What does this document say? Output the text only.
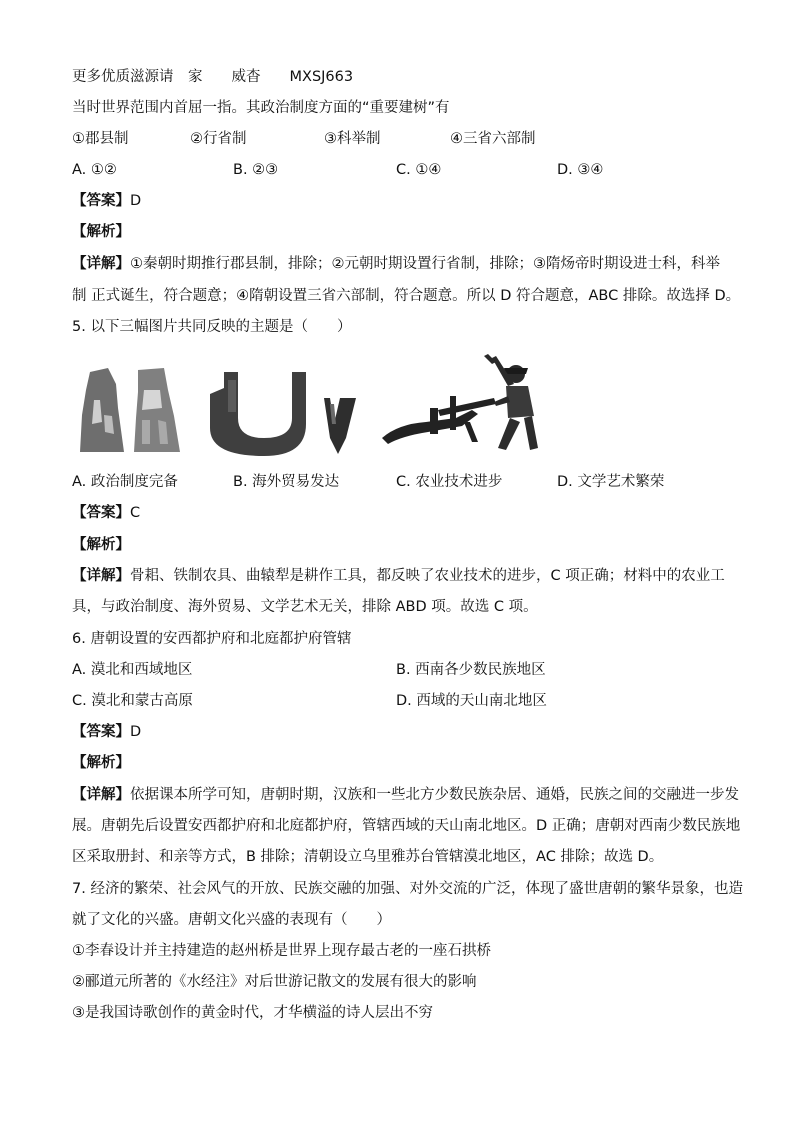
更多优质滋源请　家　　威杳　　MXSJ663
当时世界范围内首屈一指。其政治制度方面的“重要建树”有
①郡县制	②行省制	③科举制	④三省六部制
A. ①②	B. ②③	C. ①④	D. ③④
【答案】D
【解析】
【详解】①秦朝时期推行郡县制，排除；②元朝时期设置行省制，排除；③隋炀帝时期设进士科，科举
制 正式诞生，符合题意；④隋朝设置三省六部制，符合题意。所以 D 符合题意，ABC 排除。故选择 D。
5. 以下三幅图片共同反映的主题是（　　）
A. 政治制度完备	B. 海外贸易发达	C. 农业技术进步	D. 文学艺术繁荣
【答案】C
【解析】
【详解】骨耜、铁制农具、曲辕犁是耕作工具，都反映了农业技术的进步，C 项正确；材料中的农业工
具，与政治制度、海外贸易、文学艺术无关，排除 ABD 项。故选 C 项。
6. 唐朝设置的安西都护府和北庭都护府管辖
A. 漠北和西域地区	B. 西南各少数民族地区
C. 漠北和蒙古高原	D. 西域的天山南北地区
【答案】D
【解析】
【详解】依据课本所学可知，唐朝时期，汉族和一些北方少数民族杂居、通婚，民族之间的交融进一步发
展。唐朝先后设置安西都护府和北庭都护府，管辖西域的天山南北地区。D 正确；唐朝对西南少数民族地
区采取册封、和亲等方式，B 排除；清朝设立乌里雅苏台管辖漠北地区，AC 排除；故选 D。
7. 经济的繁荣、社会风气的开放、民族交融的加强、对外交流的广泛，体现了盛世唐朝的繁华景象，也造
就了文化的兴盛。唐朝文化兴盛的表现有（　　）
①李春设计并主持建造的赵州桥是世界上现存最古老的一座石拱桥
②郦道元所著的《水经注》对后世游记散文的发展有很大的影响
③是我国诗歌创作的黄金时代，才华横溢的诗人层出不穷
